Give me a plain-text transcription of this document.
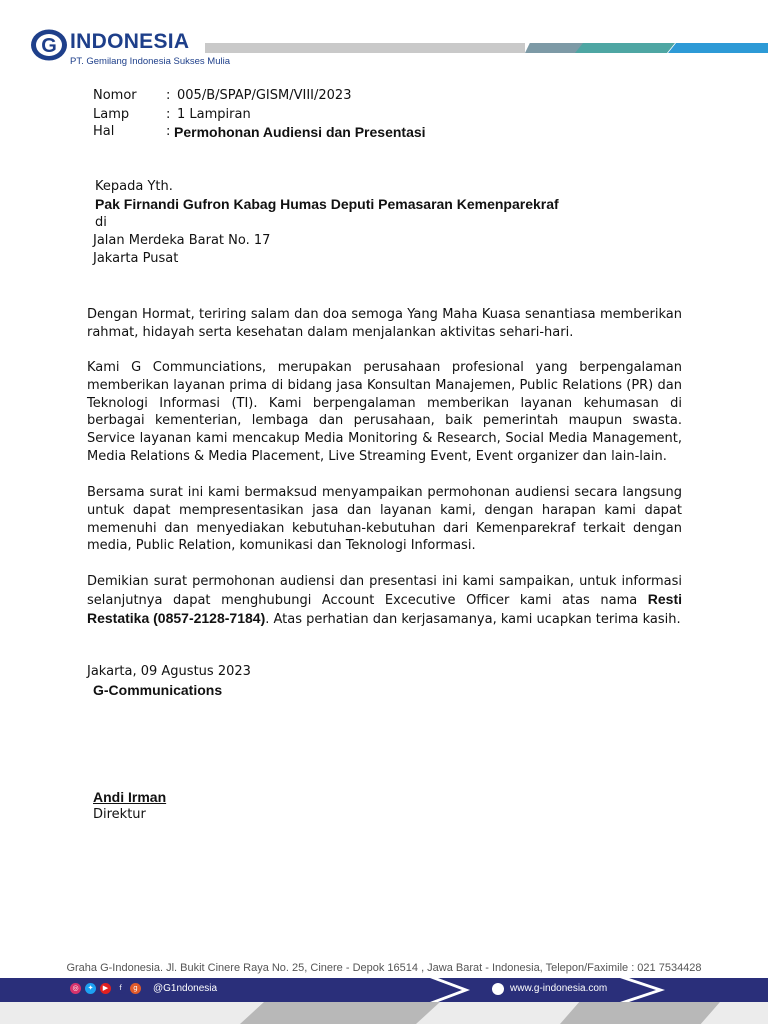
G INDONESIA
PT. Gemilang Indonesia Sukses Mulia
Nomor : 005/B/SPAP/GISM/VIII/2023
Lamp	: 1 Lampiran
Hal	: Permohonan Audiensi dan Presentasi
Kepada Yth.
Pak Firnandi Gufron Kabag Humas Deputi Pemasaran Kemenparekraf
di
Jalan Merdeka Barat No. 17
Jakarta Pusat
Dengan Hormat, teriring salam dan doa semoga Yang Maha Kuasa senantiasa memberikan rahmat, hidayah serta kesehatan dalam menjalankan aktivitas sehari-hari.
Kami G Communciations, merupakan perusahaan profesional yang berpengalaman memberikan layanan prima di bidang jasa Konsultan Manajemen, Public Relations (PR) dan Teknologi Informasi (TI). Kami berpengalaman memberikan layanan kehumasan di berbagai kementerian, lembaga dan perusahaan, baik pemerintah maupun swasta. Service layanan kami mencakup Media Monitoring & Research, Social Media Management, Media Relations & Media Placement, Live Streaming Event, Event organizer dan lain-lain.
Bersama surat ini kami bermaksud menyampaikan permohonan audiensi secara langsung untuk dapat mempresentasikan jasa dan layanan kami, dengan harapan kami dapat memenuhi dan menyediakan kebutuhan-kebutuhan dari Kemenparekraf terkait dengan media, Public Relation, komunikasi dan Teknologi Informasi.
Demikian surat permohonan audiensi dan presentasi ini kami sampaikan, untuk informasi selanjutnya dapat menghubungi Account Excecutive Officer kami atas nama Resti Restatika (0857-2128-7184). Atas perhatian dan kerjasamanya, kami ucapkan terima kasih.
Jakarta, 09 Agustus 2023
G-Communications
Andi Irman
Direktur
Graha G-Indonesia. Jl. Bukit Cinere Raya No. 25, Cinere - Depok 16514 , Jawa Barat - Indonesia, Telepon/Faximile : 021 7534428
◎	✦	▶	f	g	@G1ndonesia	www.g-indonesia.com
